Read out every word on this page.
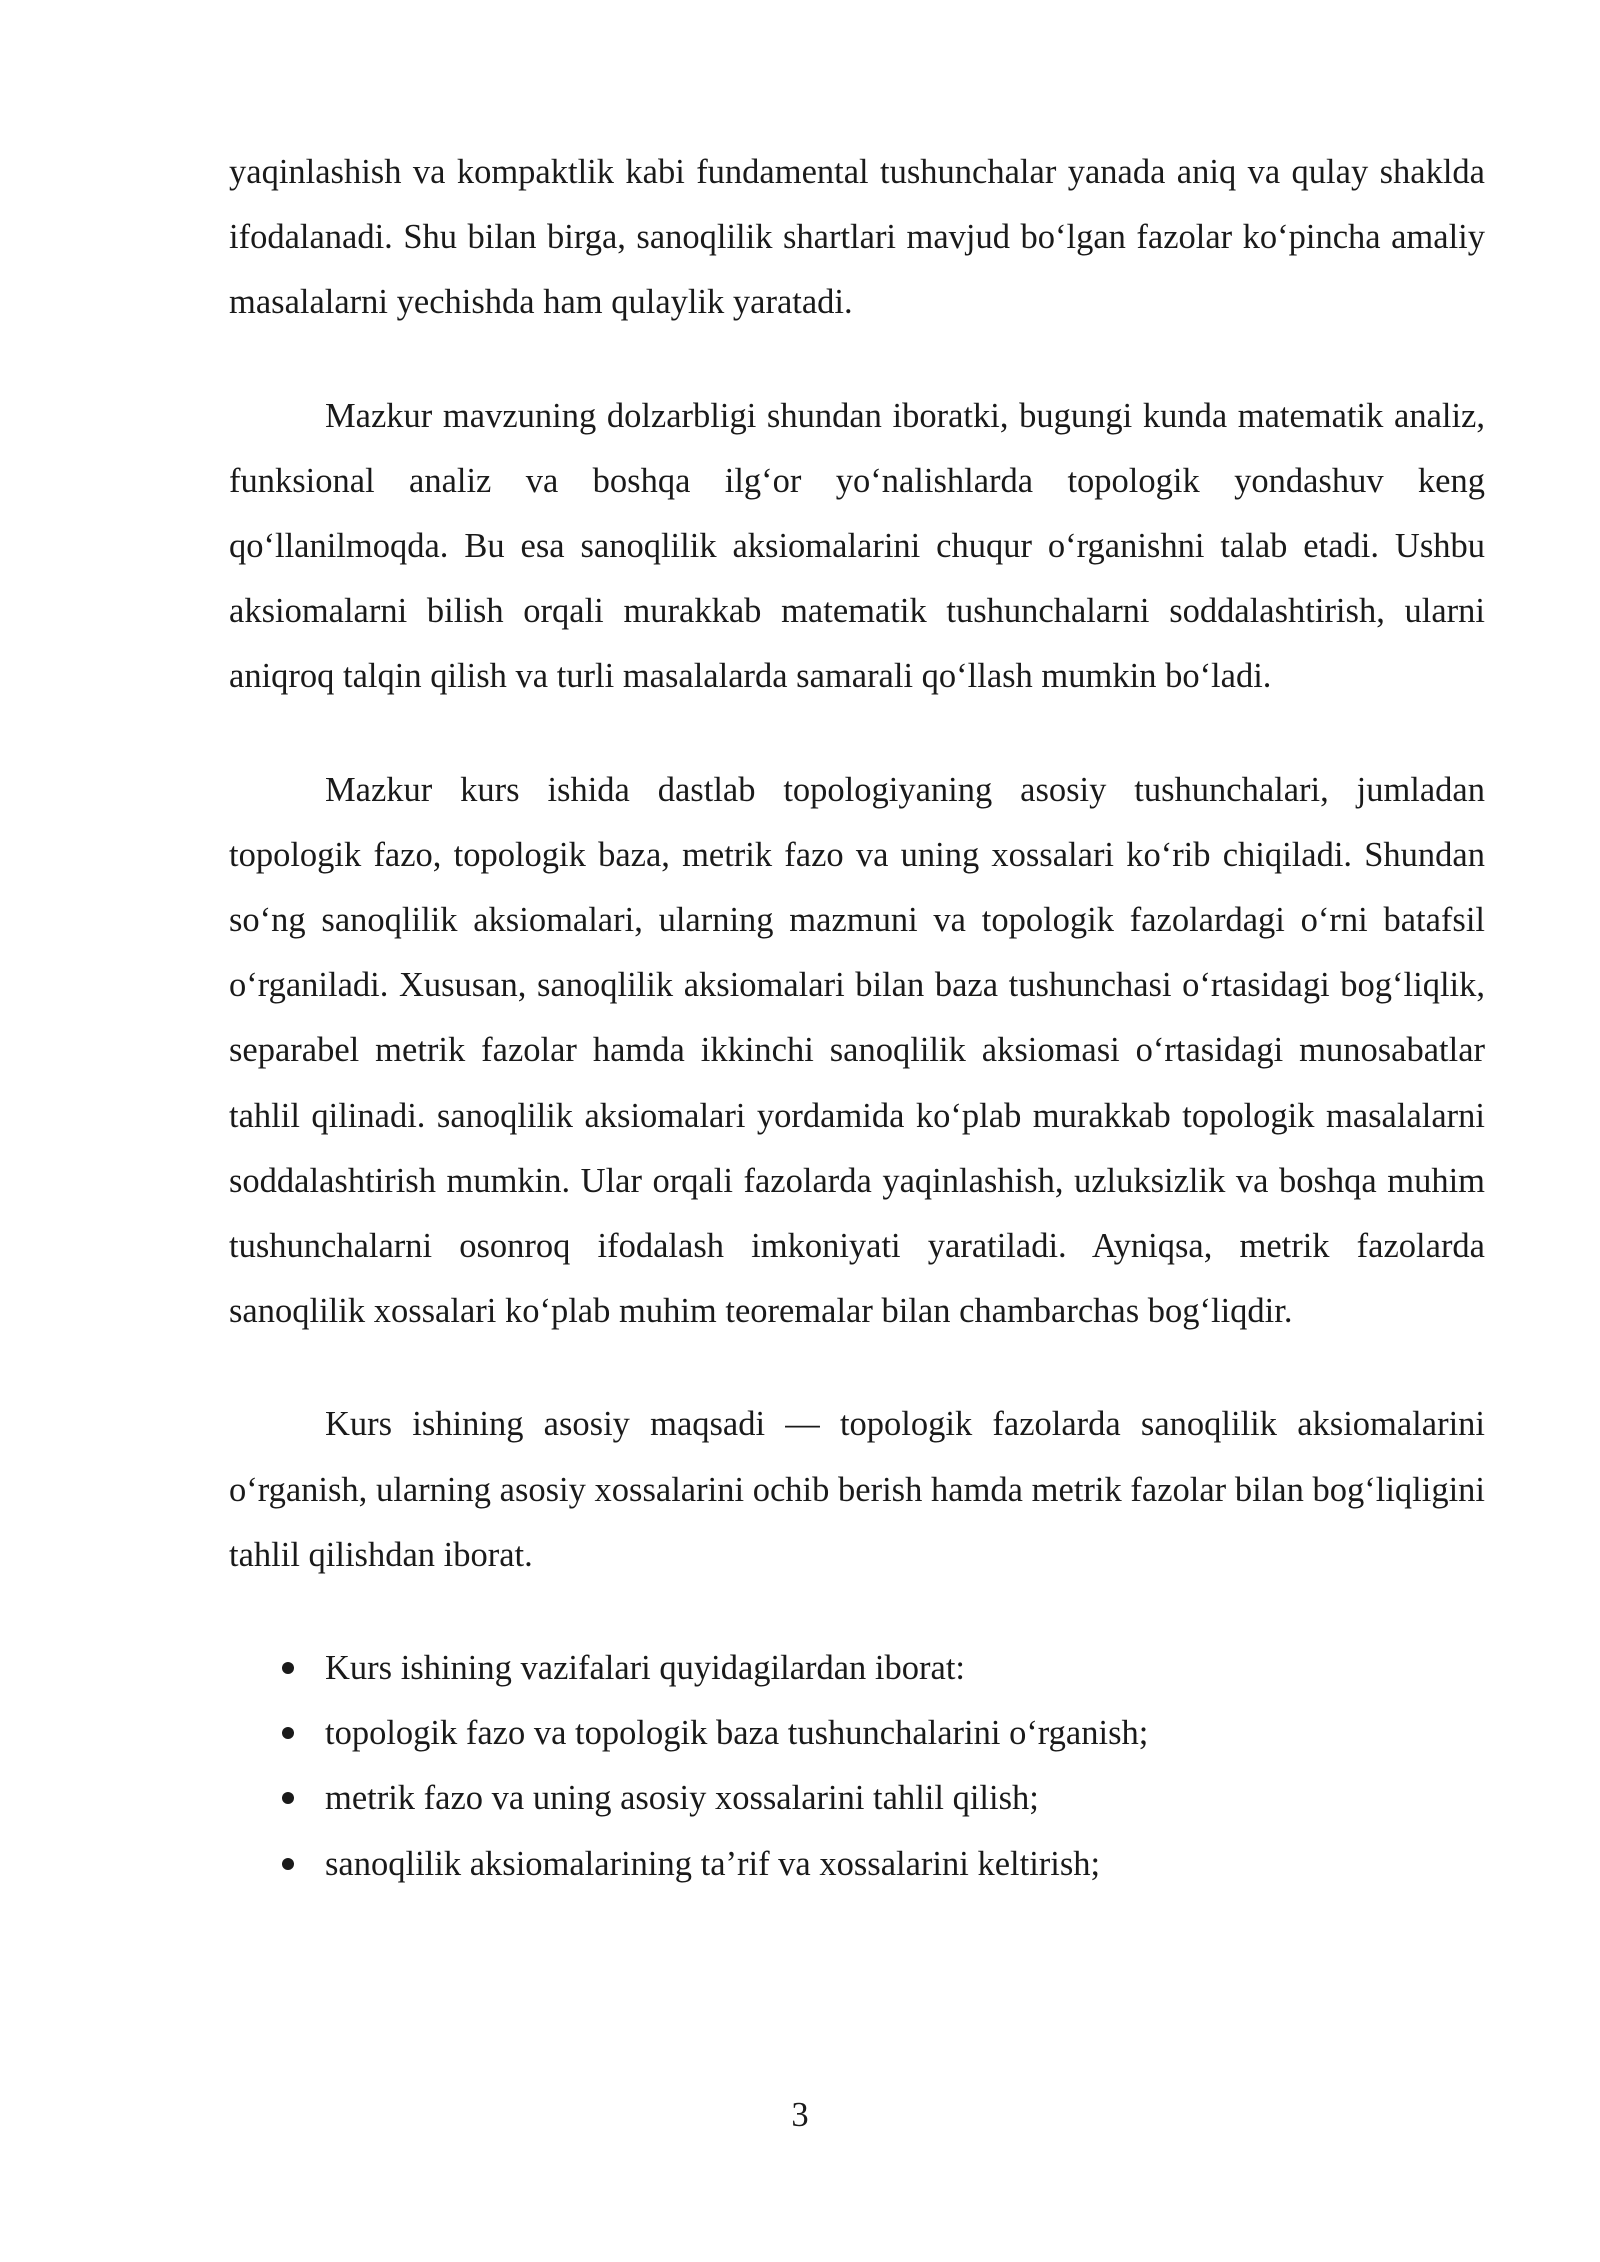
yaqinlashish va kompaktlik kabi fundamental tushunchalar yanada aniq va qulay shaklda ifodalanadi. Shu bilan birga, sanoqlilik shartlari mavjud bo‘lgan fazolar ko‘pincha amaliy masalalarni yechishda ham qulaylik yaratadi.

Mazkur mavzuning dolzarbligi shundan iboratki, bugungi kunda matematik analiz, funksional analiz va boshqa ilg‘or yo‘nalishlarda topologik yondashuv keng qo‘llanilmoqda. Bu esa sanoqlilik aksiomalarini chuqur o‘rganishni talab etadi. Ushbu aksiomalarni bilish orqali murakkab matematik tushunchalarni soddalashtirish, ularni aniqroq talqin qilish va turli masalalarda samarali qo‘llash mumkin bo‘ladi.

Mazkur kurs ishida dastlab topologiyaning asosiy tushunchalari, jumladan topologik fazo, topologik baza, metrik fazo va uning xossalari ko‘rib chiqiladi. Shundan so‘ng sanoqlilik aksiomalari, ularning mazmuni va topologik fazolardagi o‘rni batafsil o‘rganiladi. Xususan, sanoqlilik aksiomalari bilan baza tushunchasi o‘rtasidagi bog‘liqlik, separabel metrik fazolar hamda ikkinchi sanoqlilik aksiomasi o‘rtasidagi munosabatlar tahlil qilinadi. sanoqlilik aksiomalari yordamida ko‘plab murakkab topologik masalalarni soddalashtirish mumkin. Ular orqali fazolarda yaqinlashish, uzluksizlik va boshqa muhim tushunchalarni osonroq ifodalash imkoniyati yaratiladi. Ayniqsa, metrik fazolarda sanoqlilik xossalari ko‘plab muhim teoremalar bilan chambarchas bog‘liqdir.

Kurs ishining asosiy maqsadi — topologik fazolarda sanoqlilik aksiomalarini o‘rganish, ularning asosiy xossalarini ochib berish hamda metrik fazolar bilan bog‘liqligini tahlil qilishdan iborat.

Kurs ishining vazifalari quyidagilardan iborat:
topologik fazo va topologik baza tushunchalarini o‘rganish;
metrik fazo va uning asosiy xossalarini tahlil qilish;
sanoqlilik aksiomalarining ta’rif va xossalarini keltirish;
3
